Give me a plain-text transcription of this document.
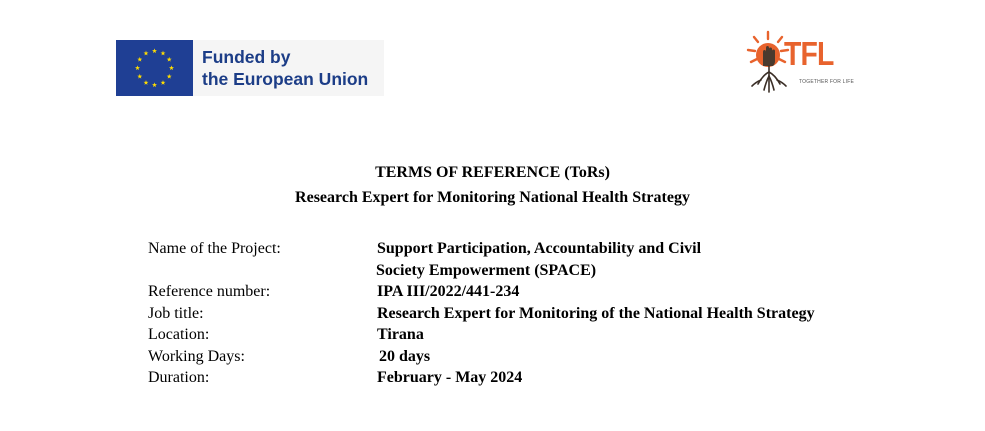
Funded by
the European Union
TFL
TOGETHER FOR LIFE
TERMS OF REFERENCE (ToRs)
Research Expert for Monitoring National Health Strategy
Name of the Project:	Support Participation, Accountability and Civil
Society Empowerment (SPACE)
Reference number:	IPA III/2022/441-234
Job title:	Research Expert for Monitoring of the National Health Strategy
Location:	Tirana
Working Days:	20 days
Duration:	February - May 2024
